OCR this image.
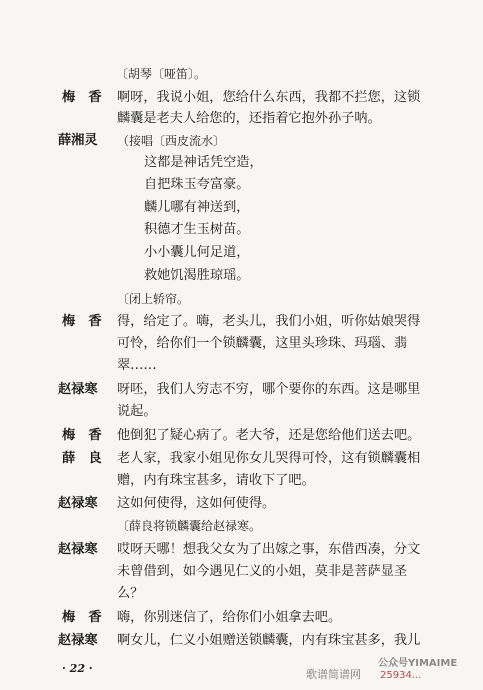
〔胡琴〔哑笛〕。
梅　香 啊呀，我说小姐，您给什么东西，我都不拦您，这锁
麟囊是老夫人给您的，还指着它抱外孙子呐。
薛湘灵 （接唱〔西皮流水〕
这都是神话凭空造，
自把珠玉夸富豪。
麟儿哪有神送到，
积德才生玉树苗。
小小囊儿何足道，
救她饥渴胜琼瑶。
〔闭上轿帘。
梅　香 得，给定了。嗨，老头儿，我们小姐，听你姑娘哭得
可怜，给你们一个锁麟囊，这里头珍珠、玛瑙、翡
翠……
赵禄寒 呀呸，我们人穷志不穷，哪个要你的东西。这是哪里
说起。
梅　香 他倒犯了疑心病了。老大爷，还是您给他们送去吧。
薛　良 老人家，我家小姐见你女儿哭得可怜，这有锁麟囊相
赠，内有珠宝甚多，请收下了吧。
赵禄寒 这如何使得，这如何使得。
〔薛良将锁麟囊给赵禄寒。
赵禄寒 哎呀天哪！想我父女为了出嫁之事，东借西凑，分文
未曾借到，如今遇见仁义的小姐，莫非是菩萨显圣
么？
梅　香 嗨，你别迷信了，给你们小姐拿去吧。
赵禄寒 啊女儿，仁义小姐赠送锁麟囊，内有珠宝甚多，我儿
· 22 ·	歌谱简谱网
公众号YIMAIME
25934...
